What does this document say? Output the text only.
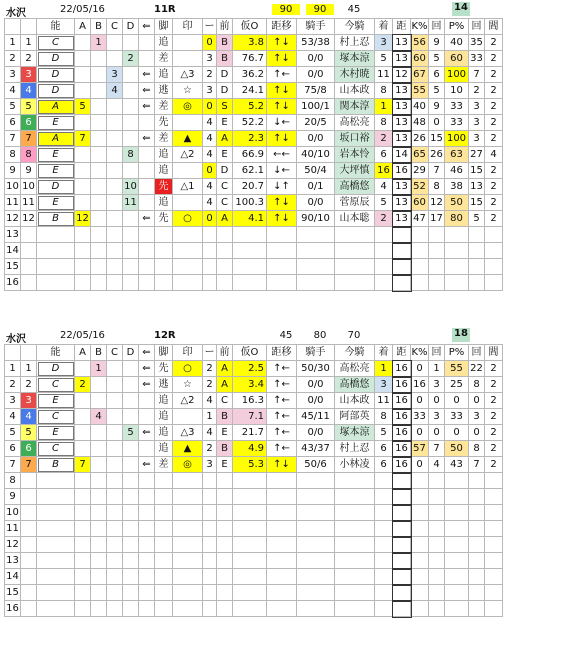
水沢	22/05/16	11R	90	90	45	14
		能	A	B	C	D	⇐	脚	印	ー	前	仮O	距移	騎手	今騎	着	距	K%	回	P%	回	閻
1	1	C		1				追		0	B	3.8	↑↓	53/38	村上忍	3	13	56	9	40	35	2
2	2	D				2		差		3	B	76.7	↑↓	0/0	塚本涼	5	13	60	5	60	33	2
3	3	D			3		⇐	追	△3	2	D	36.2	↑←	0/0	木村暁	11	12	67	6	100	7	2
4	4	D			4		⇐	逃	☆	3	D	24.1	↑↓	75/8	山本政	8	13	55	5	10	2	2
5	5	A	5				⇐	差	◎	0	S	5.2	↑↓	100/1	関本淳	1	13	40	9	33	3	2
6	6	E						先		4	E	52.2	↓←	20/5	高松亮	8	13	48	0	33	3	2
7	7	A	7				⇐	差	▲	4	A	2.3	↑↓	0/0	坂口裕	2	13	26	15	100	3	2
8	8	E				8		追	△2	4	E	66.9	←←	40/10	岩本怜	6	14	65	26	63	27	4
9	9	E						追		0	D	62.1	↓←	50/4	大坪慎	16	16	29	7	46	15	2
10	10	D				10		先	△1	4	C	20.7	↓↑	0/1	高橋悠	4	13	52	8	38	13	2
11	11	E				11		追		4	C	100.3	↑↓	0/0	菅原辰	5	13	60	12	50	15	2
12	12	B	12				⇐	先	○	0	A	4.1	↑↓	90/10	山本聡	2	13	47	17	80	5	2
13																						
14																						
15																						
16																						
水沢	22/05/16	12R	45	80	70	18
		能	A	B	C	D	⇐	脚	印	ー	前	仮O	距移	騎手	今騎	着	距	K%	回	P%	回	閻
1	1	D		1			⇐	先	○	2	A	2.5	↑←	50/30	高松亮	1	16	0	1	55	22	2
2	2	C	2				⇐	逃	☆	2	A	3.4	↑←	0/0	高橋悠	3	16	16	3	25	8	2
3	3	E						追	△2	4	C	16.3	↑←	0/0	山本政	11	16	0	0	0	0	2
4	4	C		4				追		1	B	7.1	↑←	45/11	阿部英	8	16	33	3	33	3	2
5	5	E				5	⇐	追	△3	4	E	21.7	↑←	0/0	塚本涼	5	16	0	0	0	0	2
6	6	C						追	▲	2	B	4.9	↑←	43/37	村上忍	6	16	57	7	50	8	2
7	7	B	7				⇐	差	◎	3	E	5.3	↑↓	50/6	小林凌	6	16	0	4	43	7	2
8																						
9																						
10																						
11																						
12																						
13																						
14																						
15																						
16																						
